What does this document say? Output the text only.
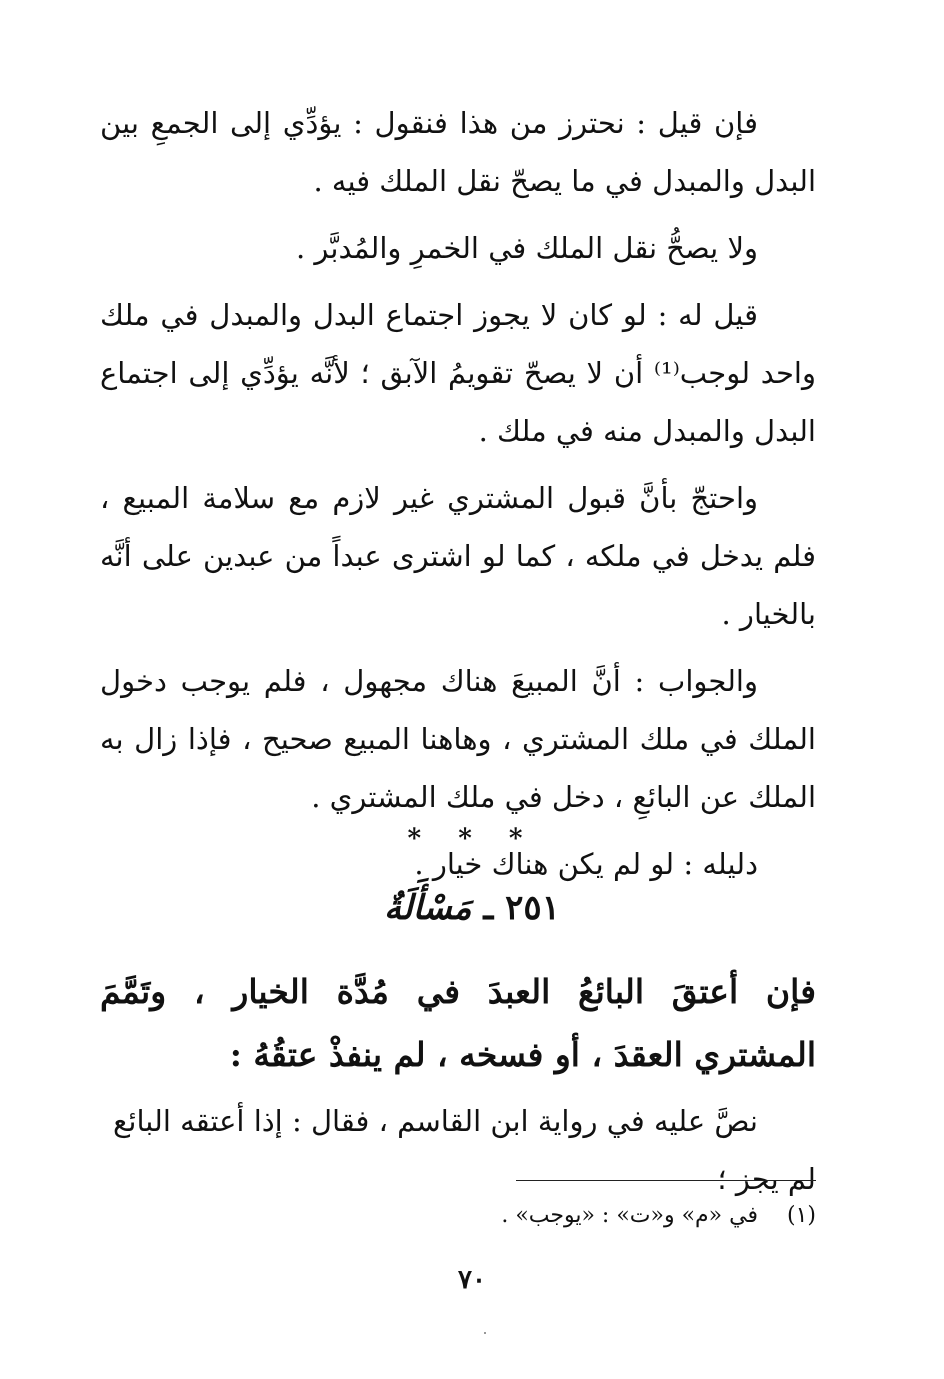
فإن قيل : نحترز من هذا فنقول : يؤدِّي إلى الجمعِ بين البدل والمبدل في ما يصحّ نقل الملك فيه .

ولا يصحُّ نقل الملك في الخمرِ والمُدبَّر .

قيل له : لو كان لا يجوز اجتماع البدل والمبدل في ملك واحد لوجب⁽¹⁾ أن لا يصحّ تقويمُ الآبق ؛ لأنَّه يؤدِّي إلى اجتماع البدل والمبدل منه في ملك .

واحتجّ بأنَّ قبول المشتري غير لازم مع سلامة المبيع ، فلم يدخل في ملكه ، كما لو اشترى عبداً من عبدين على أنَّه بالخيار .

والجواب : أنَّ المبيعَ هناك مجهول ، فلم يوجب دخول الملك في ملك المشتري ، وهاهنا المبيع صحيح ، فإذا زال به الملك عن البائعِ ، دخل في ملك المشتري .

دليله : لو لم يكن هناك خيار .

* * *
٢٥١ ـ مَسْأَلَةٌ

فإن أعتقَ البائعُ العبدَ في مُدَّة الخيار ، وتَمَّمَ المشتري العقدَ ، أو فسخه ، لم ينفذْ عتقُهُ :

نصَّ عليه في رواية ابن القاسم ، فقال : إذا أعتقه البائع لم يجز ؛

(١) في «م» و«ت» : «يوجب» .
٧٠
